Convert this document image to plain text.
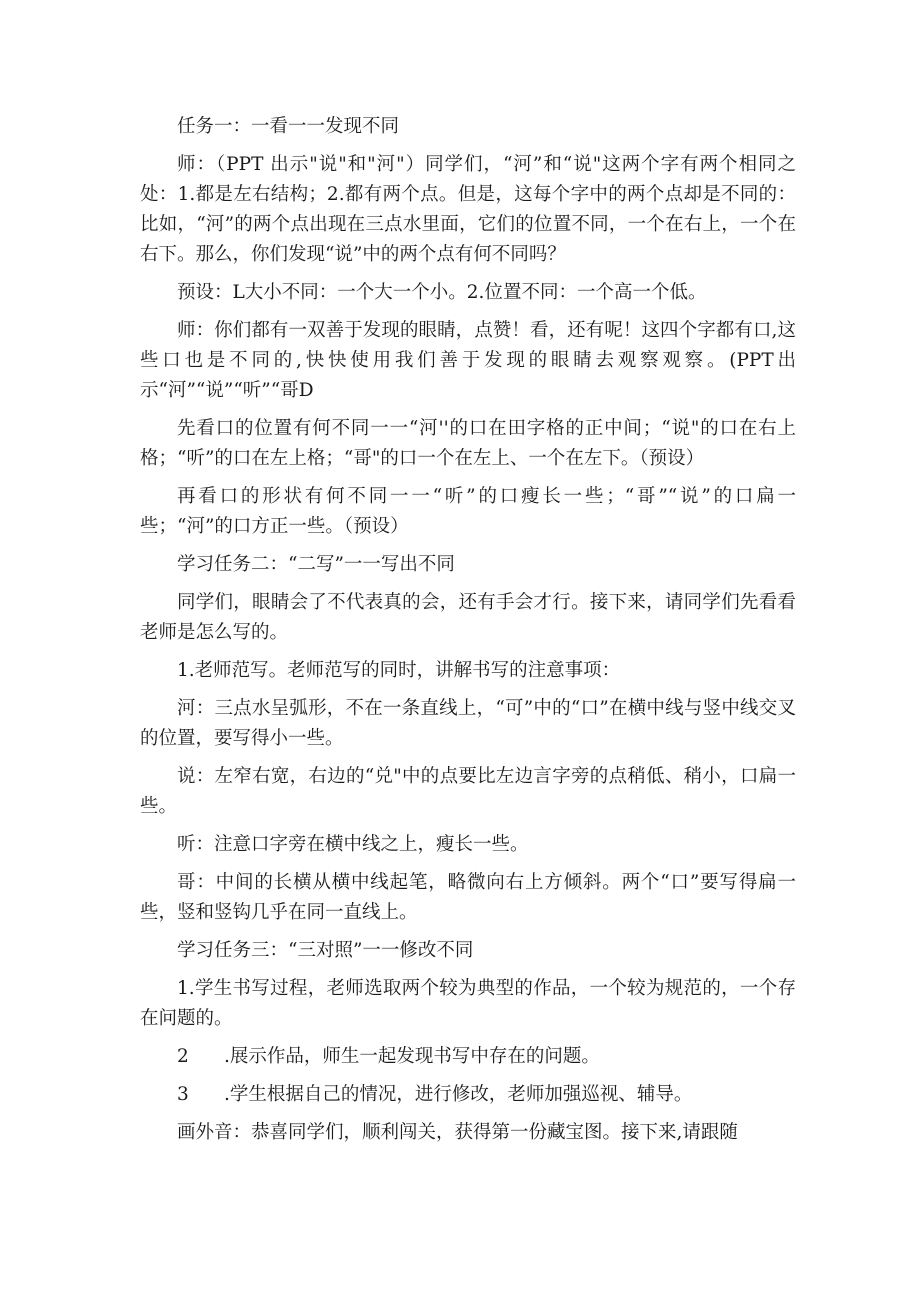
任务一：一看一一发现不同

师：（PPT 出示"说"和"河"）同学们，“河”和“说"这两个字有两个相同之处：1.都是左右结构；2.都有两个点。但是，这每个字中的两个点却是不同的：比如，“河”的两个点出现在三点水里面，它们的位置不同，一个在右上，一个在右下。那么，你们发现“说”中的两个点有何不同吗？

预设：L大小不同：一个大一个小。2.位置不同：一个高一个低。

师：你们都有一双善于发现的眼睛，点赞！看，还有呢！这四个字都有口,这些口也是不同的,快快使用我们善于发现的眼睛去观察观察。(PPT出示“河”“说”“听”“哥D

先看口的位置有何不同一一“河''的口在田字格的正中间；“说"的口在右上格；“听”的口在左上格；“哥"的口一个在左上、一个在左下。（预设）

再看口的形状有何不同一一“听”的口瘦长一些；“哥”“说”的口扁一些；“河”的口方正一些。（预设）

学习任务二：“二写”一一写出不同

同学们，眼睛会了不代表真的会，还有手会才行。接下来，请同学们先看看老师是怎么写的。

1.老师范写。老师范写的同时，讲解书写的注意事项：

河：三点水呈弧形，不在一条直线上，“可”中的“口”在横中线与竖中线交叉的位置，要写得小一些。

说：左窄右宽，右边的“兑"中的点要比左边言字旁的点稍低、稍小，口扁一些。

听：注意口字旁在横中线之上，瘦长一些。

哥：中间的长横从横中线起笔，略微向右上方倾斜。两个“口”要写得扁一些，竖和竖钩几乎在同一直线上。

学习任务三：“三对照”一一修改不同

1.学生书写过程，老师选取两个较为典型的作品，一个较为规范的，一个存在问题的。

2      .展示作品，师生一起发现书写中存在的问题。

3      .学生根据自己的情况，进行修改，老师加强巡视、辅导。

画外音：恭喜同学们，顺利闯关，获得第一份藏宝图。接下来,请跟随
